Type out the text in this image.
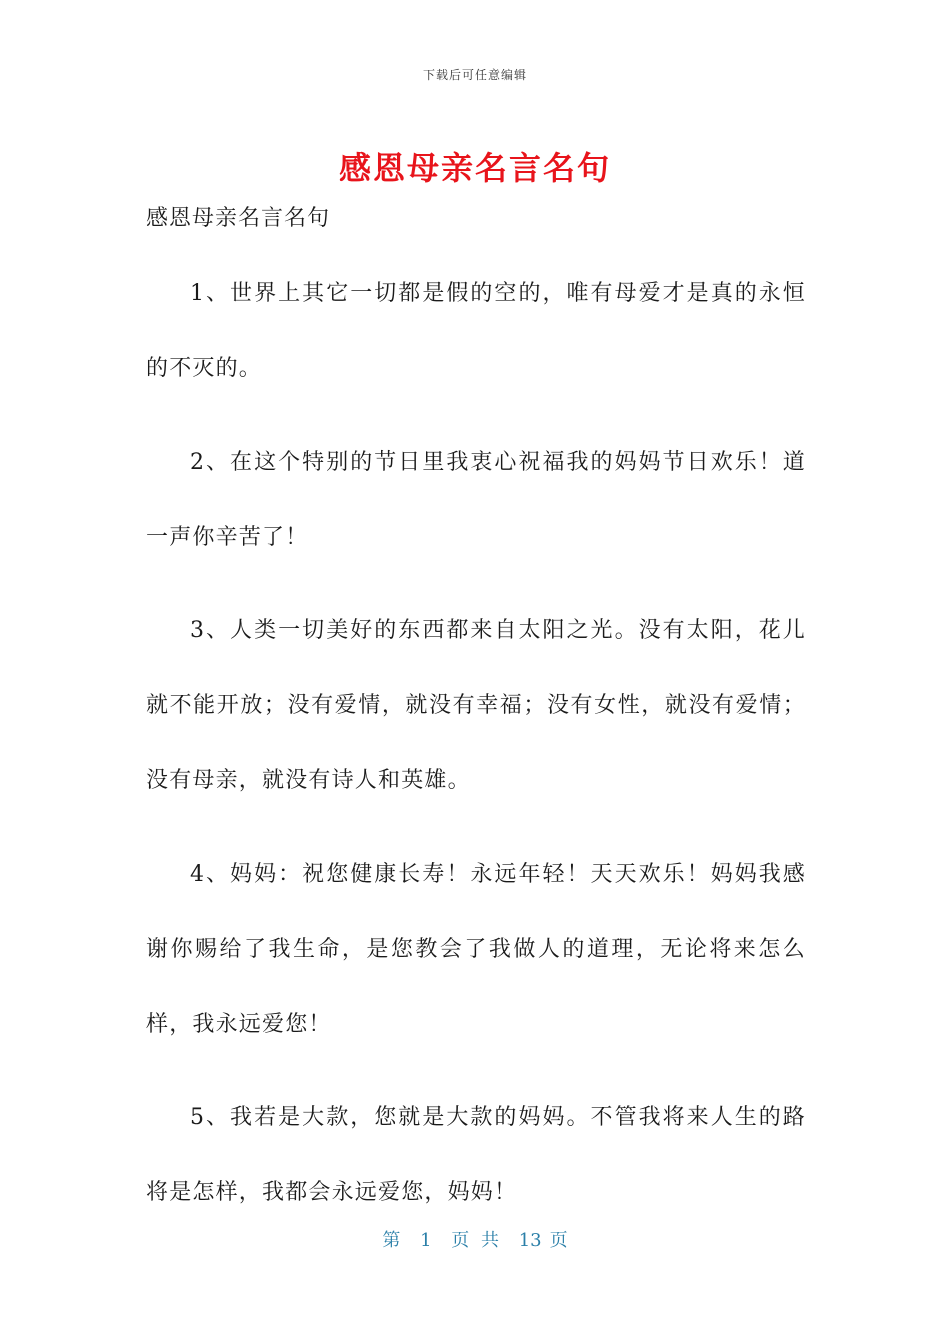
下载后可任意编辑
感恩母亲名言名句

感恩母亲名言名句

1、世界上其它一切都是假的空的，唯有母爱才是真的永恒的不灭的。

2、在这个特别的节日里我衷心祝福我的妈妈节日欢乐！道一声你辛苦了！

3、人类一切美好的东西都来自太阳之光。没有太阳，花儿就不能开放；没有爱情，就没有幸福；没有女性，就没有爱情；没有母亲，就没有诗人和英雄。

4、妈妈：祝您健康长寿！永远年轻！天天欢乐！妈妈我感谢你赐给了我生命，是您教会了我做人的道理，无论将来怎么样，我永远爱您！

5、我若是大款，您就是大款的妈妈。不管我将来人生的路将是怎样，我都会永远爱您，妈妈！

第 1 页 共 13 页
